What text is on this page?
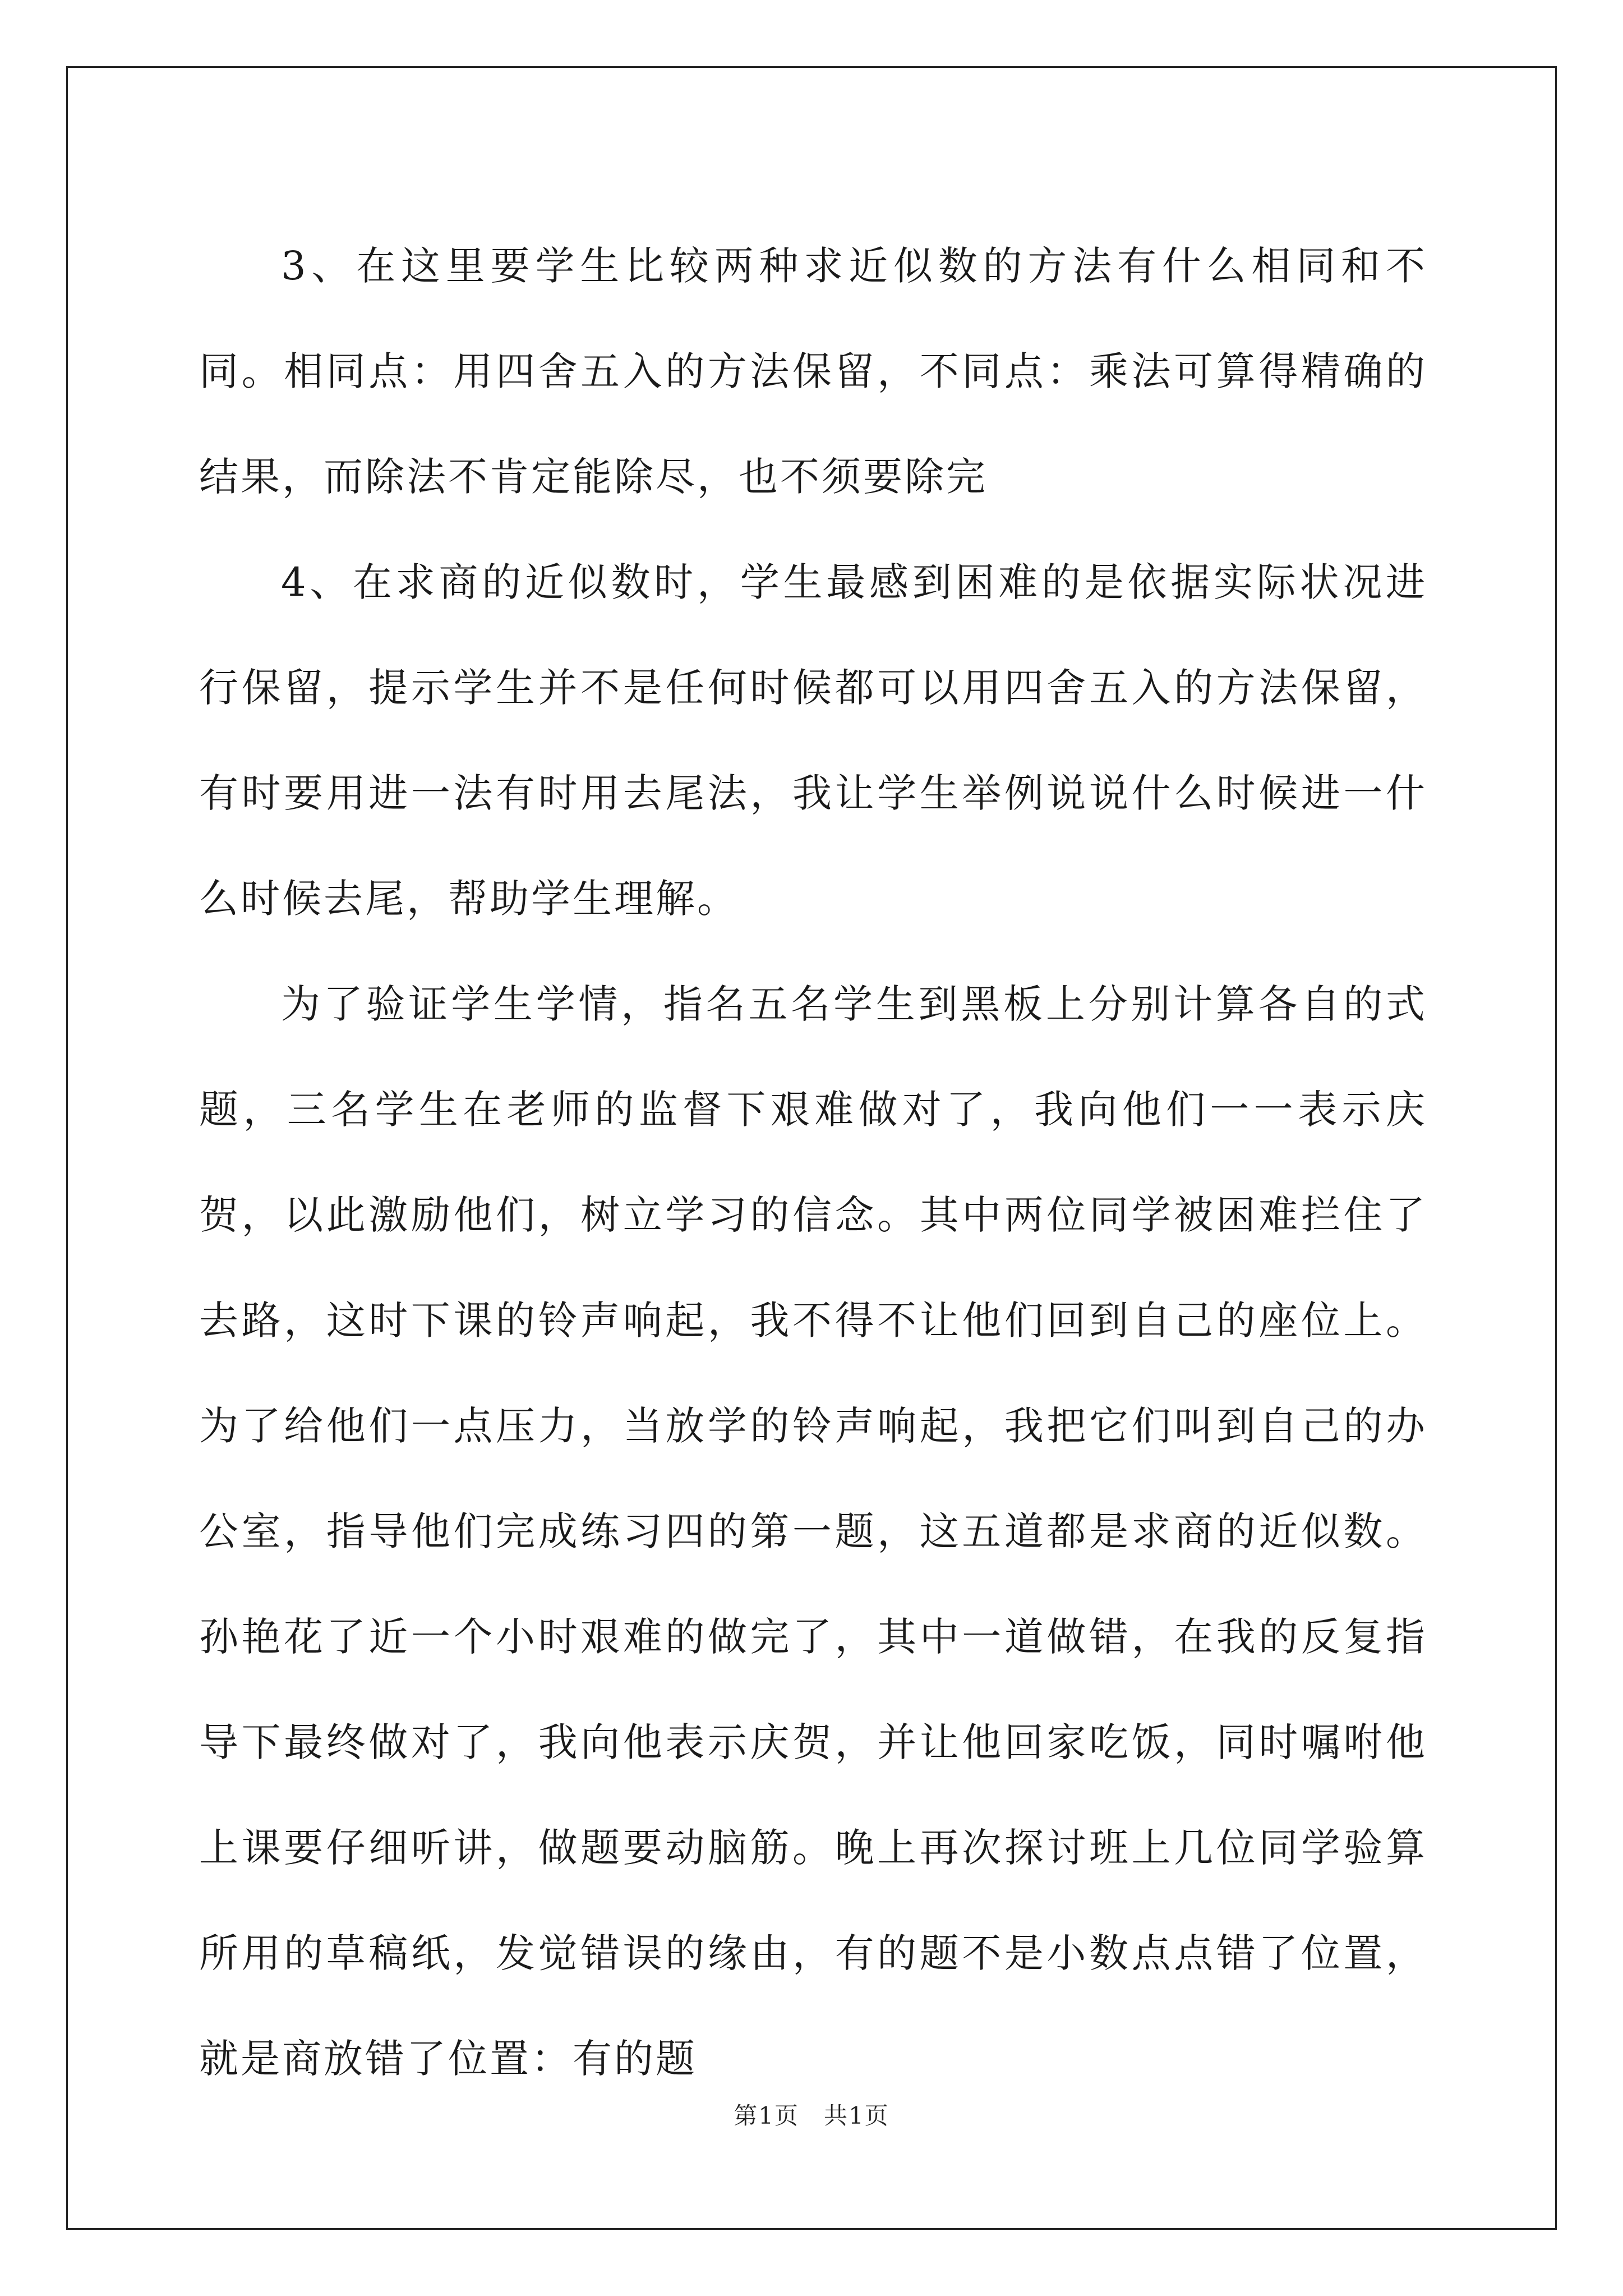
3、在这里要学生比较两种求近似数的方法有什么相同和不同。相同点：用四舍五入的方法保留，不同点：乘法可算得精确的结果，而除法不肯定能除尽，也不须要除完

4、在求商的近似数时，学生最感到困难的是依据实际状况进行保留，提示学生并不是任何时候都可以用四舍五入的方法保留，有时要用进一法有时用去尾法，我让学生举例说说什么时候进一什么时候去尾，帮助学生理解。

为了验证学生学情，指名五名学生到黑板上分别计算各自的式题，三名学生在老师的监督下艰难做对了，我向他们一一表示庆贺，以此激励他们，树立学习的信念。其中两位同学被困难拦住了去路，这时下课的铃声响起，我不得不让他们回到自己的座位上。为了给他们一点压力，当放学的铃声响起，我把它们叫到自己的办公室，指导他们完成练习四的第一题，这五道都是求商的近似数。孙艳花了近一个小时艰难的做完了，其中一道做错，在我的反复指导下最终做对了，我向他表示庆贺，并让他回家吃饭，同时嘱咐他上课要仔细听讲，做题要动脑筋。晚上再次探讨班上几位同学验算所用的草稿纸，发觉错误的缘由，有的题不是小数点点错了位置，就是商放错了位置：有的题

第1页　共1页
